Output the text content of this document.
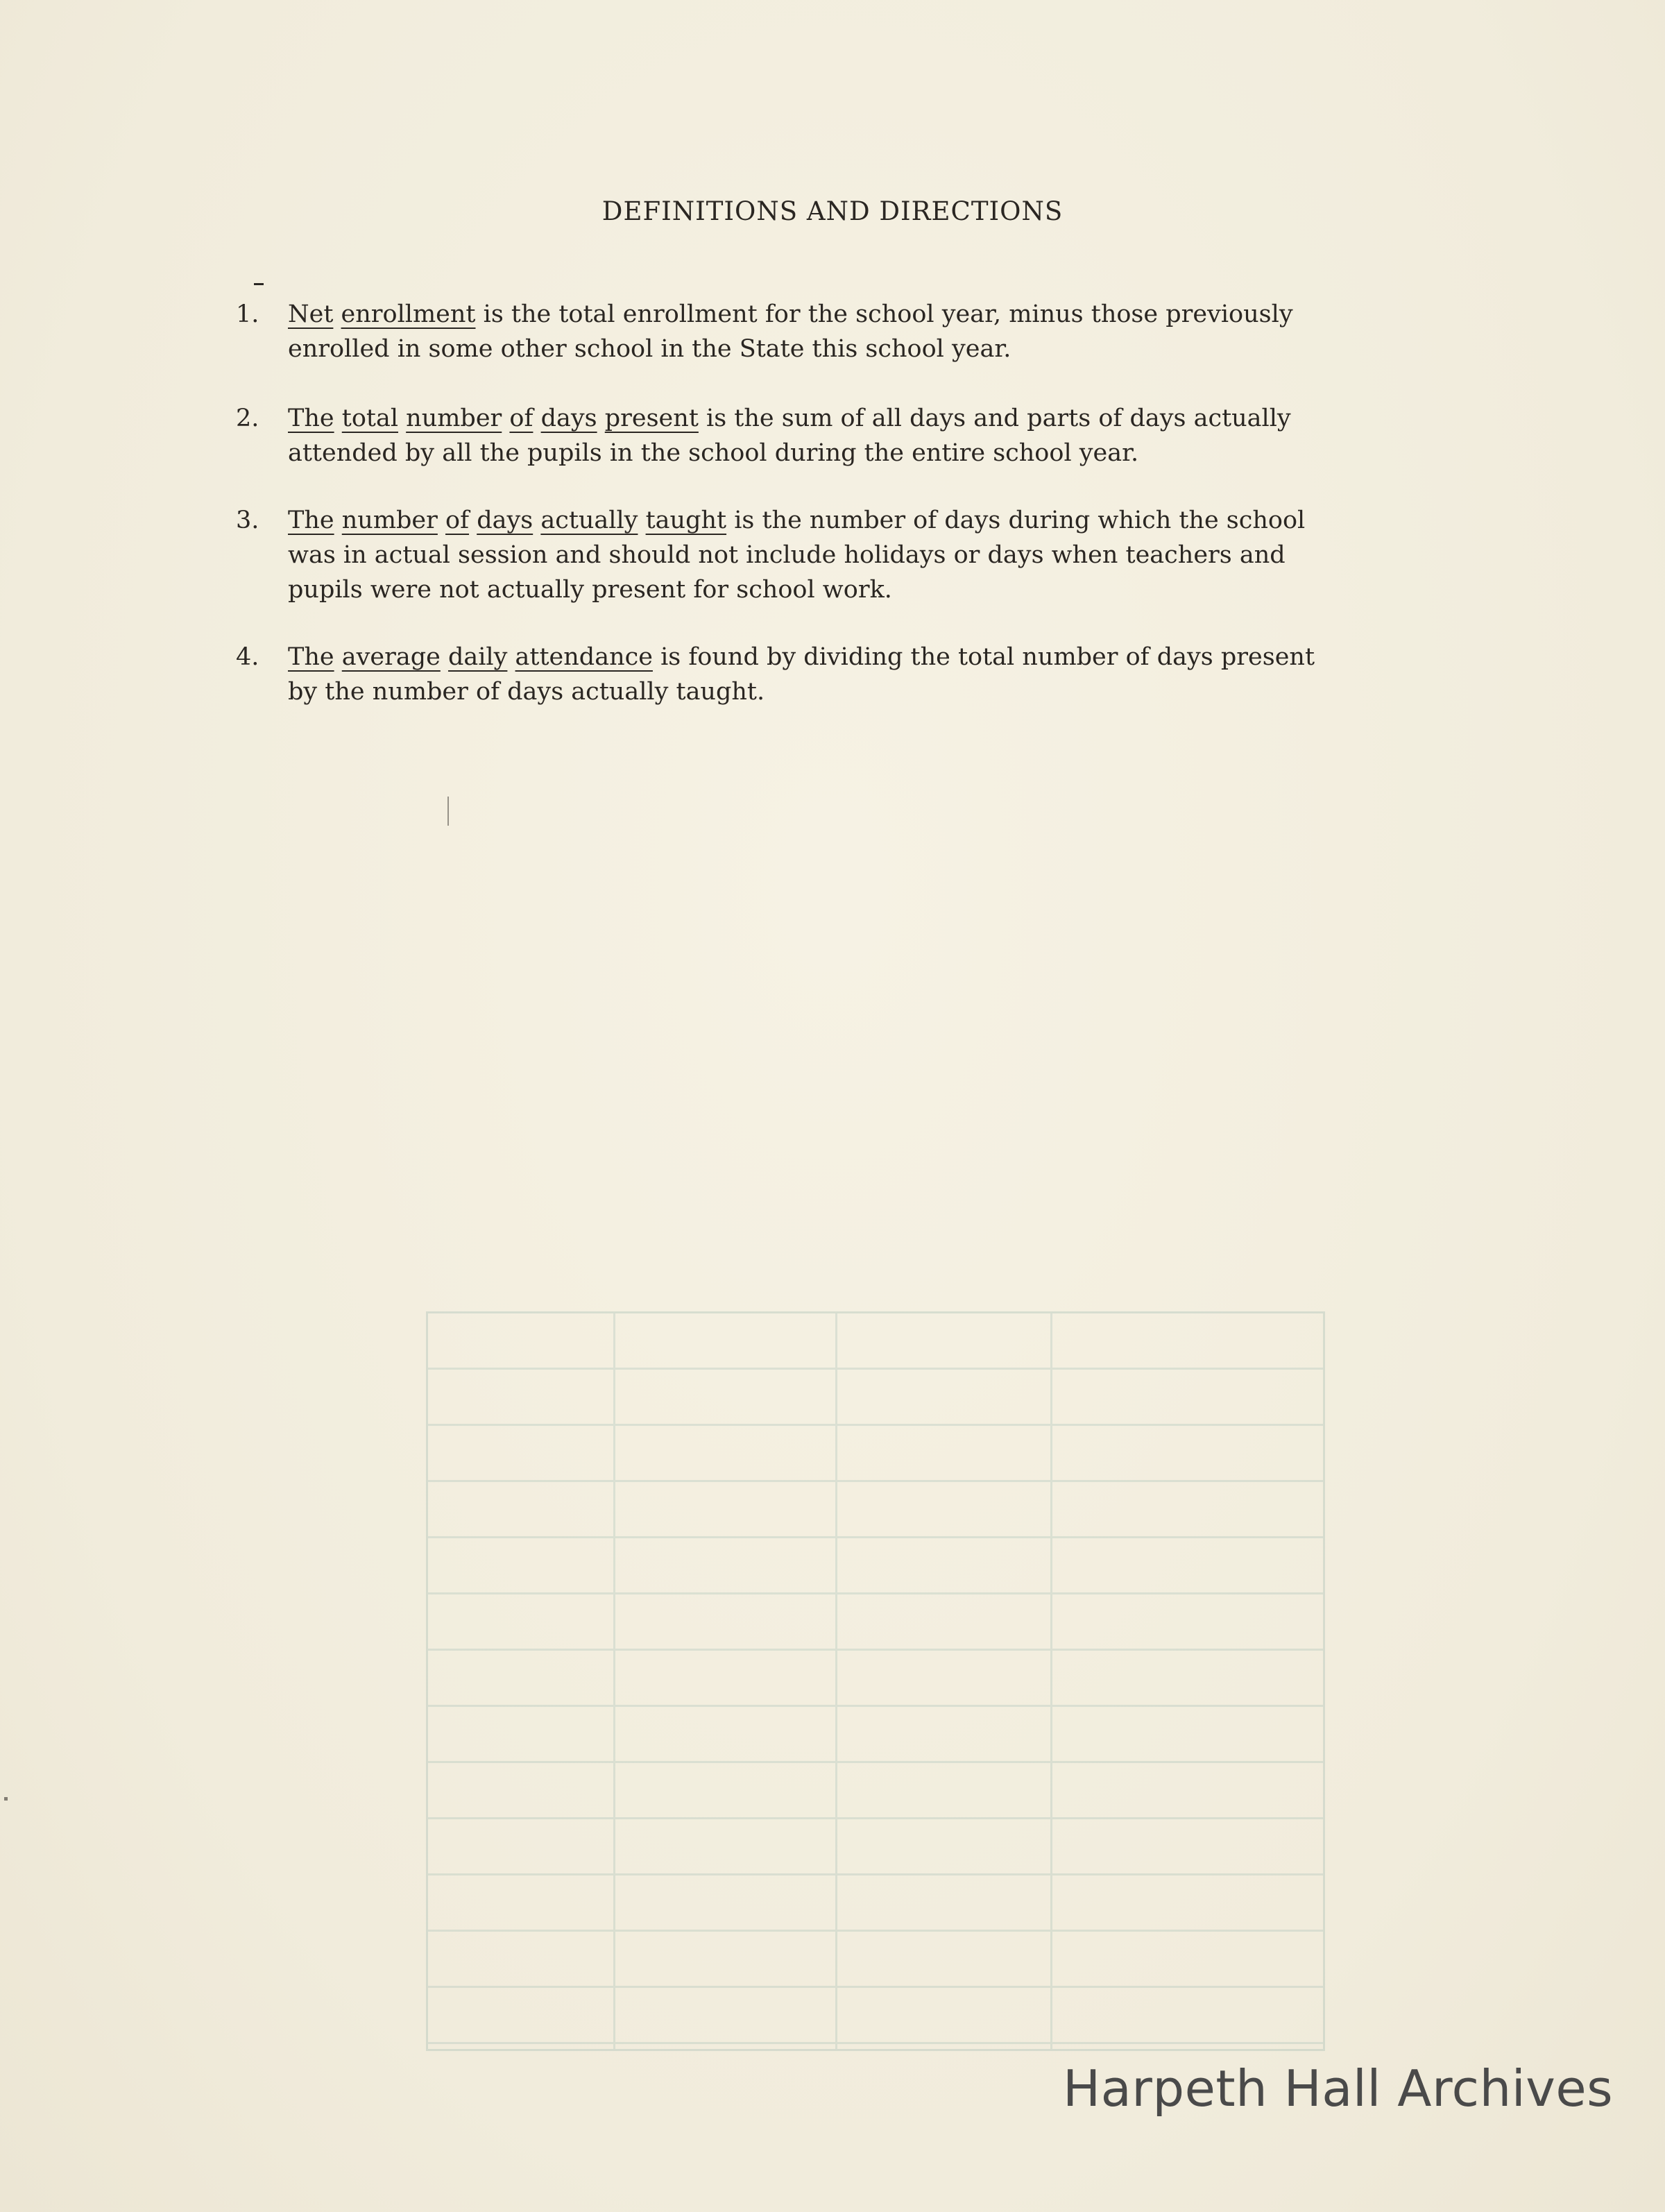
DEFINITIONS AND DIRECTIONS
1. Net enrollment is the total enrollment for the school year, minus those previously
enrolled in some other school in the State this school year.
2. The total number of days present is the sum of all days and parts of days actually
attended by all the pupils in the school during the entire school year.
3. The number of days actually taught is the number of days during which the school
was in actual session and should not include holidays or days when teachers and
pupils were not actually present for school work.
4. The average daily attendance is found by dividing the total number of days present
by the number of days actually taught.
Harpeth Hall Archives
